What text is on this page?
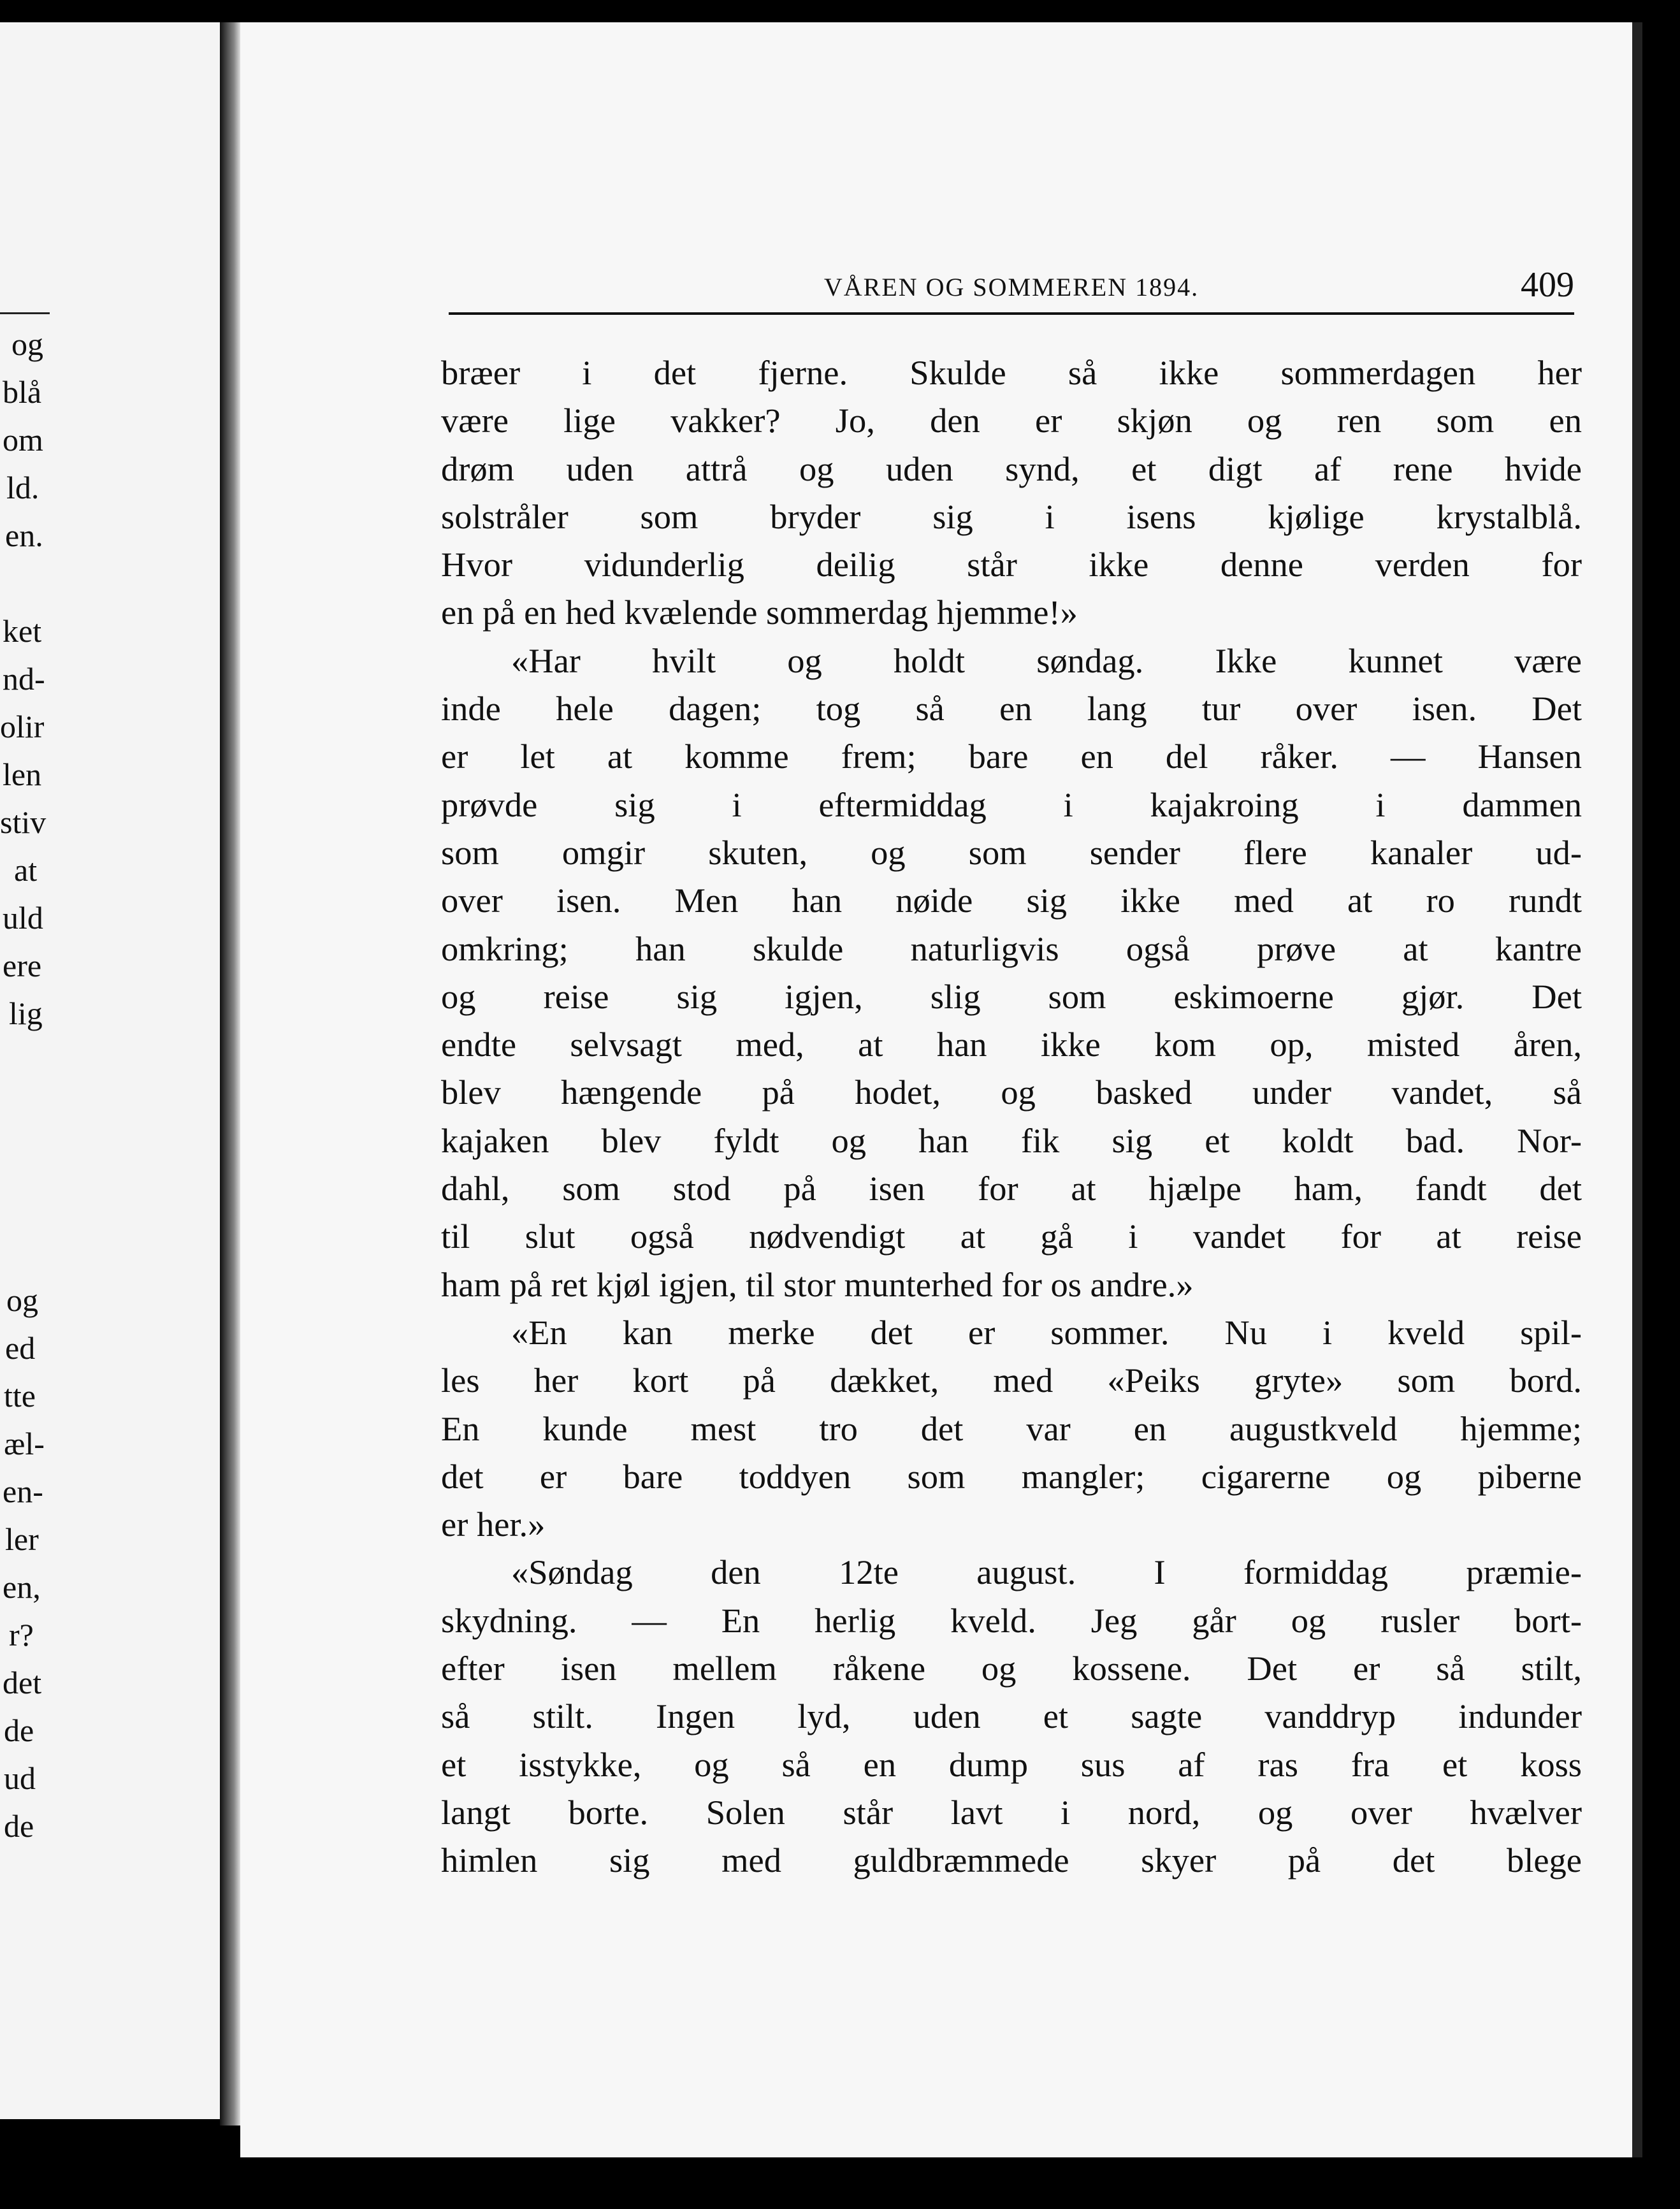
og
blå
om
ld.
en.
ket
nd-
olir
len
stiv
at
uld
ere
lig
og
ed
tte
æl-
en-
ler
en,
r?
det
de
ud
de
VÅREN OG SOMMEREN 1894.	409
bræer i det fjerne. Skulde så ikke sommerdagen her
være lige vakker? Jo, den er skjøn og ren som en
drøm uden attrå og uden synd, et digt af rene hvide
solstråler som bryder sig i isens kjølige krystalblå.
Hvor vidunderlig deilig står ikke denne verden for
en på en hed kvælende sommerdag hjemme!»
«Har hvilt og holdt søndag. Ikke kunnet være
inde hele dagen; tog så en lang tur over isen. Det
er let at komme frem; bare en del råker. — Hansen
prøvde sig i eftermiddag i kajakroing i dammen
som omgir skuten, og som sender flere kanaler ud-
over isen. Men han nøide sig ikke med at ro rundt
omkring; han skulde naturligvis også prøve at kantre
og reise sig igjen, slig som eskimoerne gjør. Det
endte selvsagt med, at han ikke kom op, misted åren,
blev hængende på hodet, og basked under vandet, så
kajaken blev fyldt og han fik sig et koldt bad. Nor-
dahl, som stod på isen for at hjælpe ham, fandt det
til slut også nødvendigt at gå i vandet for at reise
ham på ret kjøl igjen, til stor munterhed for os andre.»
«En kan merke det er sommer. Nu i kveld spil-
les her kort på dækket, med «Peiks gryte» som bord.
En kunde mest tro det var en augustkveld hjemme;
det er bare toddyen som mangler; cigarerne og piberne
er her.»
«Søndag den 12te august. I formiddag præmie-
skydning. — En herlig kveld. Jeg går og rusler bort-
efter isen mellem råkene og kossene. Det er så stilt,
så stilt. Ingen lyd, uden et sagte vanddryp indunder
et isstykke, og så en dump sus af ras fra et koss
langt borte. Solen står lavt i nord, og over hvælver
himlen sig med guldbræmmede skyer på det blege
